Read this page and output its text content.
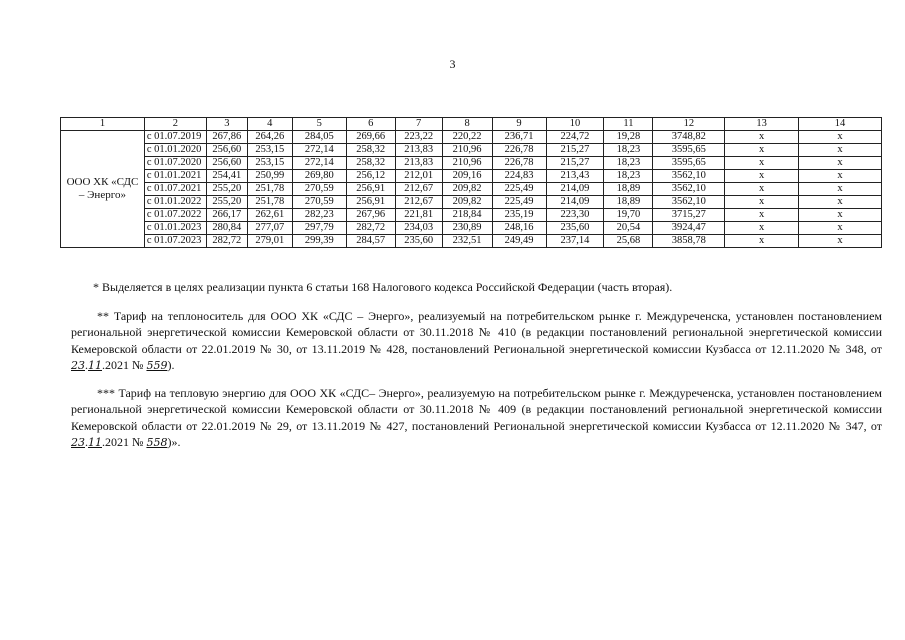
3
1	2	3	4	5	6	7	8	9	10	11	12	13	14
ООО ХК «СДС – Энерго»	с 01.07.2019	267,86	264,26	284,05	269,66	223,22	220,22	236,71	224,72	19,28	3748,82	х	х
	с 01.01.2020	256,60	253,15	272,14	258,32	213,83	210,96	226,78	215,27	18,23	3595,65	х	х
	с 01.07.2020	256,60	253,15	272,14	258,32	213,83	210,96	226,78	215,27	18,23	3595,65	х	х
	с 01.01.2021	254,41	250,99	269,80	256,12	212,01	209,16	224,83	213,43	18,23	3562,10	х	х
	с 01.07.2021	255,20	251,78	270,59	256,91	212,67	209,82	225,49	214,09	18,89	3562,10	х	х
	с 01.01.2022	255,20	251,78	270,59	256,91	212,67	209,82	225,49	214,09	18,89	3562,10	х	х
	с 01.07.2022	266,17	262,61	282,23	267,96	221,81	218,84	235,19	223,30	19,70	3715,27	х	х
	с 01.01.2023	280,84	277,07	297,79	282,72	234,03	230,89	248,16	235,60	20,54	3924,47	х	х
	с 01.07.2023	282,72	279,01	299,39	284,57	235,60	232,51	249,49	237,14	25,68	3858,78	х	х

* Выделяется в целях реализации пункта 6 статьи 168 Налогового кодекса Российской Федерации (часть вторая).

** Тариф на теплоноситель для ООО ХК «СДС – Энерго», реализуемый на потребительском рынке г. Междуреченска, установлен постановлением региональной энергетической комиссии Кемеровской области от 30.11.2018 № 410 (в редакции постановлений региональной энергетической комиссии Кемеровской области от 22.01.2019 № 30, от 13.11.2019 № 428, постановлений Региональной энергетической комиссии Кузбасса от 12.11.2020 № 348, от 23.11.2021 № 559).

*** Тариф на тепловую энергию для ООО ХК «СДС– Энерго», реализуемую на потребительском рынке г. Междуреченска, установлен постановлением региональной энергетической комиссии Кемеровской области от 30.11.2018 № 409 (в редакции постановлений региональной энергетической комиссии Кемеровской области от 22.01.2019 № 29, от 13.11.2019 № 427, постановлений Региональной энергетической комиссии Кузбасса от 12.11.2020 № 347, от 23.11.2021 № 558)».
